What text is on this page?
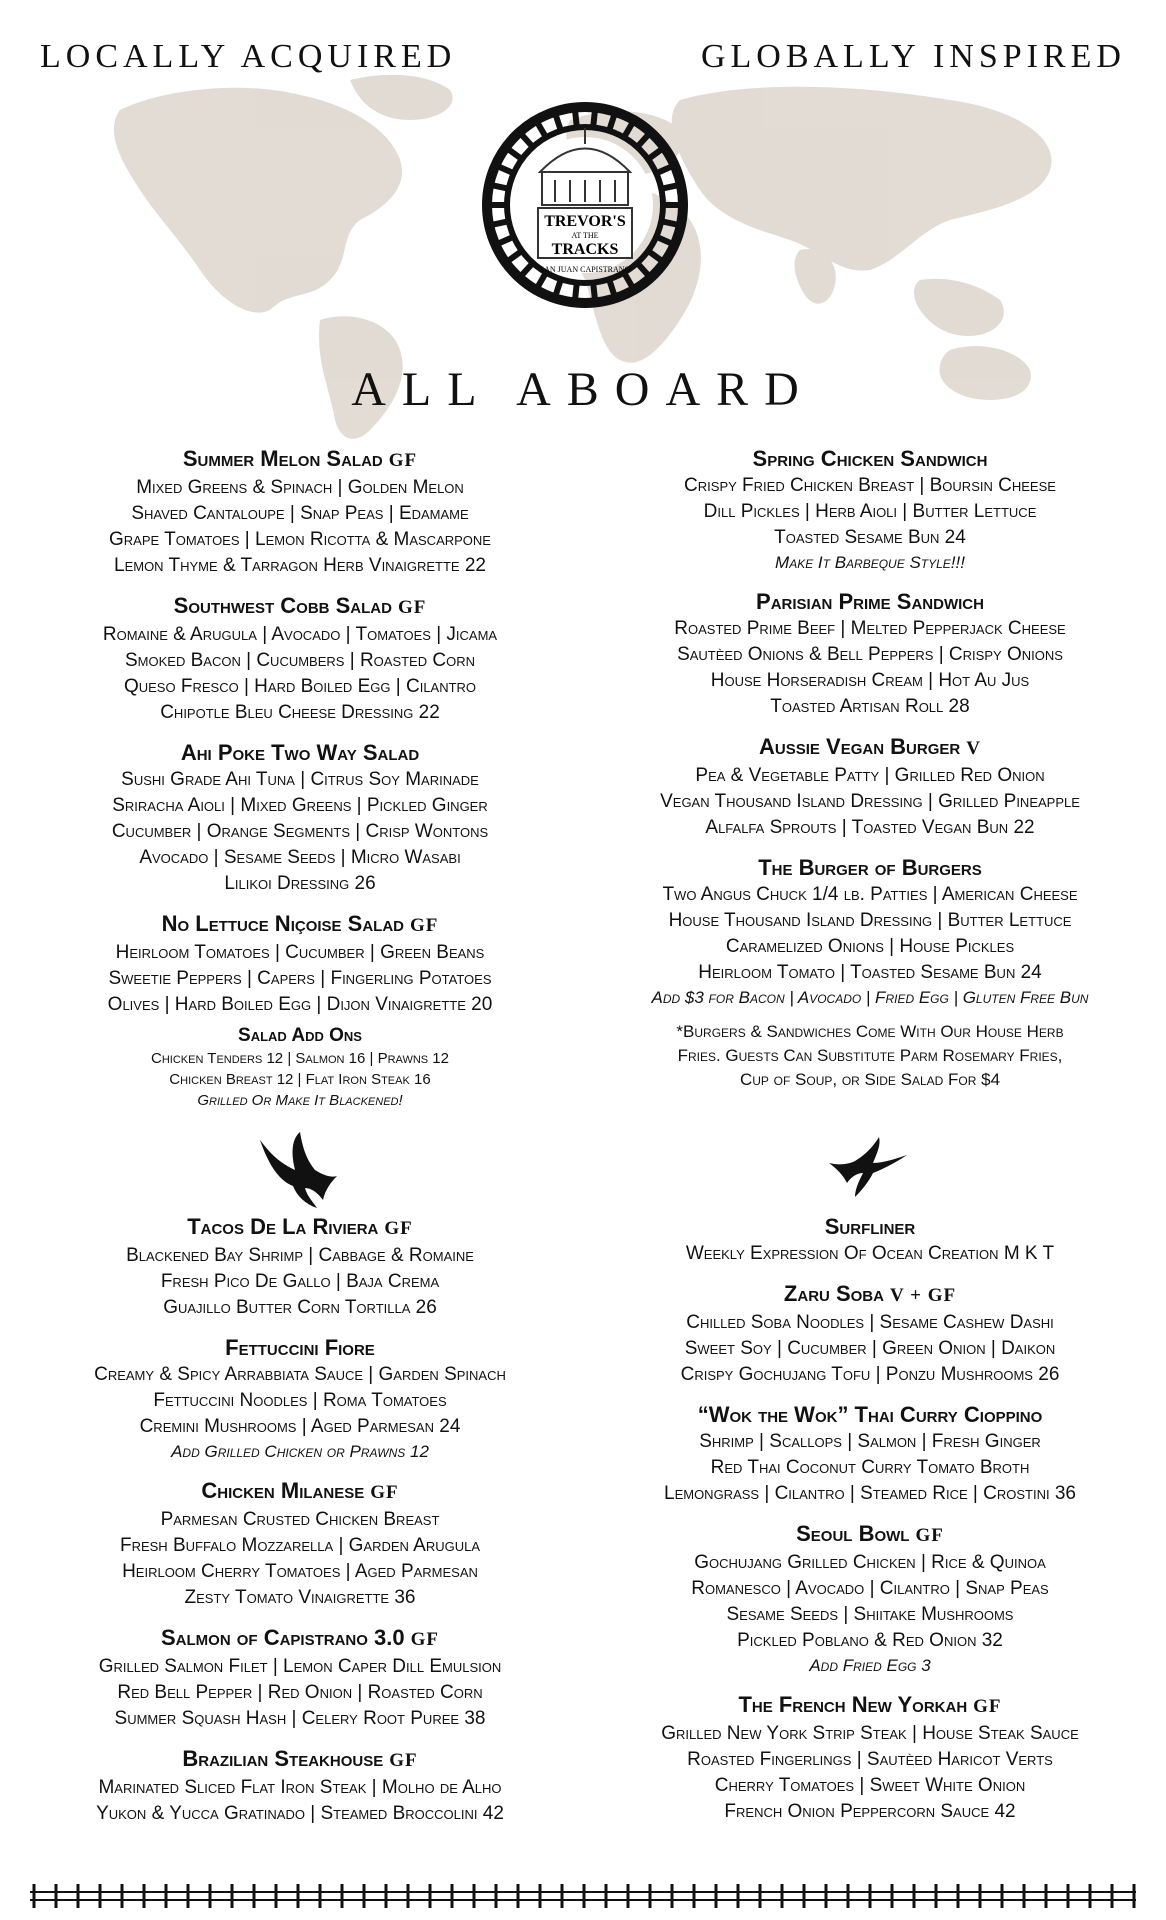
LOCALLY ACQUIRED	GLOBALLY INSPIRED
TREVOR'S
AT THE
TRACKS
SAN JUAN CAPISTRANO
ALL ABOARD
Summer Melon Salad GF
Mixed Greens & Spinach | Golden Melon
Shaved Cantaloupe | Snap Peas | Edamame
Grape Tomatoes | Lemon Ricotta & Mascarpone
Lemon Thyme & Tarragon Herb Vinaigrette 22
Southwest Cobb Salad GF
Romaine & Arugula | Avocado | Tomatoes | Jicama
Smoked Bacon | Cucumbers | Roasted Corn
Queso Fresco | Hard Boiled Egg | Cilantro
Chipotle Bleu Cheese Dressing 22
Ahi Poke Two Way Salad
Sushi Grade Ahi Tuna | Citrus Soy Marinade
Sriracha Aioli | Mixed Greens | Pickled Ginger
Cucumber | Orange Segments | Crisp Wontons
Avocado | Sesame Seeds | Micro Wasabi
Lilikoi Dressing 26
No Lettuce Niçoise Salad GF
Heirloom Tomatoes | Cucumber | Green Beans
Sweetie Peppers | Capers | Fingerling Potatoes
Olives | Hard Boiled Egg | Dijon Vinaigrette 20
Salad Add Ons
Chicken Tenders 12 | Salmon 16 | Prawns 12
Chicken Breast 12 | Flat Iron Steak 16
Grilled Or Make It Blackened!
Spring Chicken Sandwich
Crispy Fried Chicken Breast | Boursin Cheese
Dill Pickles | Herb Aioli | Butter Lettuce
Toasted Sesame Bun 24
Make It Barbeque Style!!!
Parisian Prime Sandwich
Roasted Prime Beef | Melted Pepperjack Cheese
Sautèed Onions & Bell Peppers | Crispy Onions
House Horseradish Cream | Hot Au Jus
Toasted Artisan Roll 28
Aussie Vegan Burger V
Pea & Vegetable Patty | Grilled Red Onion
Vegan Thousand Island Dressing | Grilled Pineapple
Alfalfa Sprouts | Toasted Vegan Bun 22
The Burger of Burgers
Two Angus Chuck 1/4 lb. Patties | American Cheese
House Thousand Island Dressing | Butter Lettuce
Caramelized Onions | House Pickles
Heirloom Tomato | Toasted Sesame Bun 24
Add $3 for Bacon | Avocado | Fried Egg | Gluten Free Bun
*Burgers & Sandwiches Come With Our House Herb
Fries. Guests Can Substitute Parm Rosemary Fries,
Cup of Soup, or Side Salad For $4
Tacos De La Riviera GF
Blackened Bay Shrimp | Cabbage & Romaine
Fresh Pico De Gallo | Baja Crema
Guajillo Butter Corn Tortilla 26
Fettuccini Fiore
Creamy & Spicy Arrabbiata Sauce | Garden Spinach
Fettuccini Noodles | Roma Tomatoes
Cremini Mushrooms | Aged Parmesan 24
Add Grilled Chicken or Prawns 12
Chicken Milanese GF
Parmesan Crusted Chicken Breast
Fresh Buffalo Mozzarella | Garden Arugula
Heirloom Cherry Tomatoes | Aged Parmesan
Zesty Tomato Vinaigrette 36
Salmon of Capistrano 3.0 GF
Grilled Salmon Filet | Lemon Caper Dill Emulsion
Red Bell Pepper | Red Onion | Roasted Corn
Summer Squash Hash | Celery Root Puree 38
Brazilian Steakhouse GF
Marinated Sliced Flat Iron Steak | Molho de Alho
Yukon & Yucca Gratinado | Steamed Broccolini 42
Surfliner
Weekly Expression Of Ocean Creation M K T
Zaru Soba V + GF
Chilled Soba Noodles | Sesame Cashew Dashi
Sweet Soy | Cucumber | Green Onion | Daikon
Crispy Gochujang Tofu | Ponzu Mushrooms 26
“Wok the Wok” Thai Curry Cioppino
Shrimp | Scallops | Salmon | Fresh Ginger
Red Thai Coconut Curry Tomato Broth
Lemongrass | Cilantro | Steamed Rice | Crostini 36
Seoul Bowl GF
Gochujang Grilled Chicken | Rice & Quinoa
Romanesco | Avocado | Cilantro | Snap Peas
Sesame Seeds | Shiitake Mushrooms
Pickled Poblano & Red Onion 32
Add Fried Egg 3
The French New Yorkah GF
Grilled New York Strip Steak | House Steak Sauce
Roasted Fingerlings | Sautèed Haricot Verts
Cherry Tomatoes | Sweet White Onion
French Onion Peppercorn Sauce 42
